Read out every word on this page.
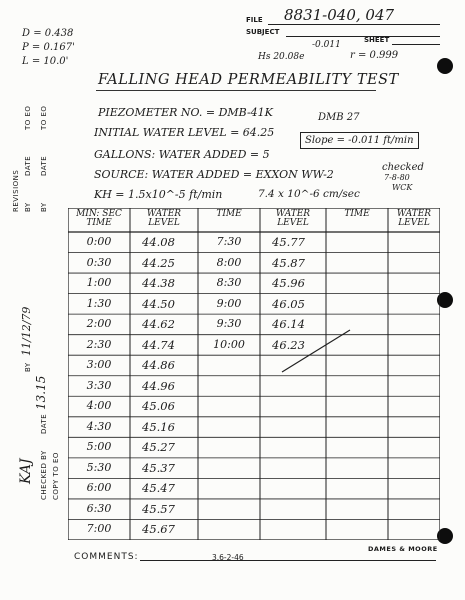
FILE 8831-040, 047
SUBJECT
SHEET
-0.011
Hs 20.08e	r = 0.999
D = 0.438
P = 0.167'
L = 10.0'
FALLING HEAD PERMEABILITY TEST
PIEZOMETER NO. = DMB-41K	DMB 27
INITIAL WATER LEVEL = 64.25
Slope = -0.011 ft/min
GALLONS: WATER ADDED = 5
checked
7-8-80
WCK
SOURCE: WATER ADDED = EXXON WW-2
KH = 1.5x10^-5 ft/min	7.4 x 10^-6 cm/sec
REVISIONS BY
DATE
TO EO
BY
DATE
TO EO
BY
11/12/79
DATE
13.15
KAJ CHECKED BY COPY TO EO
MIN: SEC TIME
WATER LEVEL
TIME	WATER LEVEL
TIME	WATER LEVEL
0:00	44.08
0:30	44.25
1:00	44.38
1:30	44.50
2:00	44.62
2:30	44.74
3:00	44.86
3:30	44.96
4:00	45.06
4:30	45.16
5:00	45.27
5:30	45.37
6:00	45.47
6:30	45.57
7:00	45.67
7:30	45.77
8:00	45.87
8:30	45.96
9:00	46.05
9:30	46.14
10:00	46.23
COMMENTS:	3.6-2-46
DAMES & MOORE
